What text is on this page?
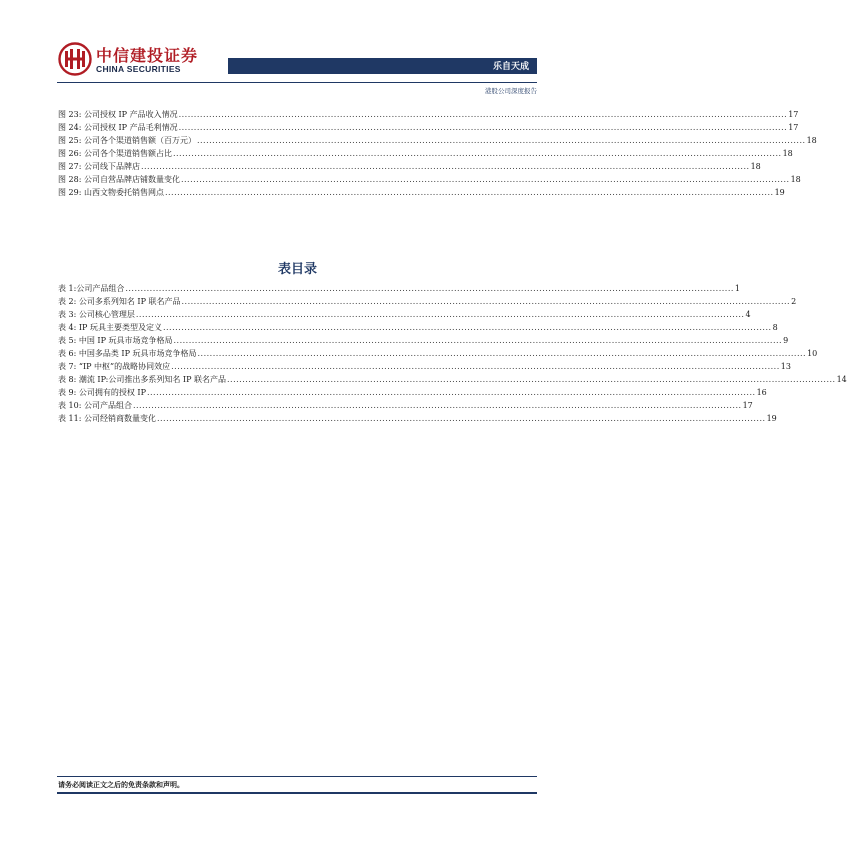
中信建投证券
CHINA SECURITIES	乐自天成
港股公司深度报告
图 23: 公司授权 IP 产品收入情况 ........................................................................................................................................................................................................ 17
图 24: 公司授权 IP 产品毛利情况 ........................................................................................................................................................................................................ 17
图 25: 公司各个渠道销售额（百万元） ........................................................................................................................................................................................................ 18
图 26: 公司各个渠道销售额占比 ........................................................................................................................................................................................................ 18
图 27: 公司线下品牌店 ........................................................................................................................................................................................................ 18
图 28: 公司自营品牌店铺数量变化 ........................................................................................................................................................................................................ 18
图 29: 山西文物委托销售网点 ........................................................................................................................................................................................................ 19
表目录
表 1:公司产品组合 ........................................................................................................................................................................................................ 1
表 2: 公司多系列知名 IP 联名产品 ........................................................................................................................................................................................................ 2
表 3: 公司核心管理层 ........................................................................................................................................................................................................ 4
表 4: IP 玩具主要类型及定义 ........................................................................................................................................................................................................ 8
表 5: 中国 IP 玩具市场竞争格局 ........................................................................................................................................................................................................ 9
表 6: 中国多品类 IP 玩具市场竞争格局 ........................................................................................................................................................................................................ 10
表 7: “IP 中枢”的战略协同效应 ........................................................................................................................................................................................................ 13
表 8: 潮流 IP:公司推出多系列知名 IP 联名产品 ........................................................................................................................................................................................................ 14
表 9: 公司拥有的授权 IP ........................................................................................................................................................................................................ 16
表 10: 公司产品组合 ........................................................................................................................................................................................................ 17
表 11: 公司经销商数量变化 ........................................................................................................................................................................................................ 19
请务必阅读正文之后的免责条款和声明。
